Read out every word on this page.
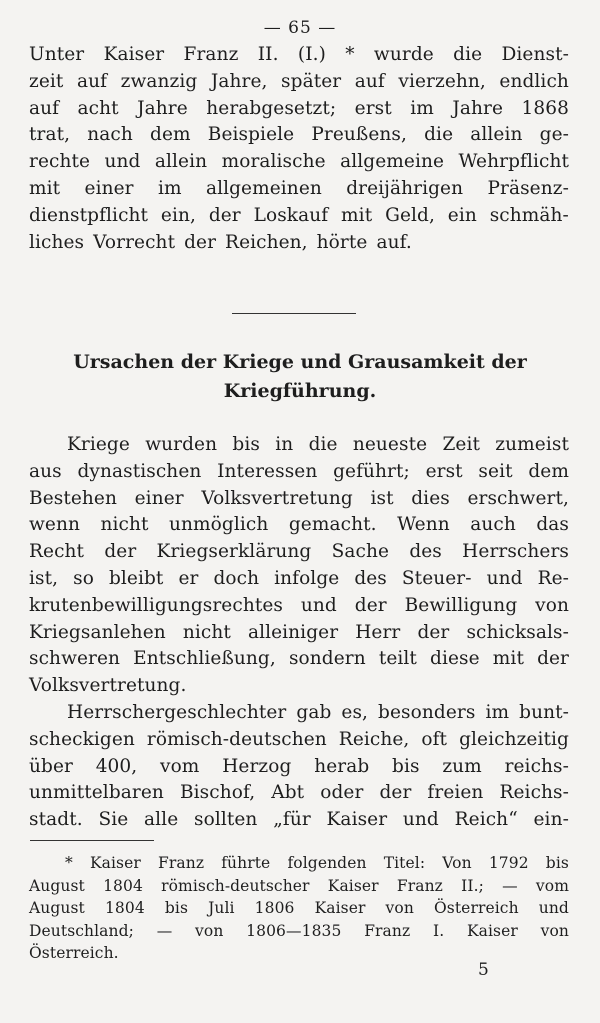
— 65 —
Unter Kaiser Franz II. (I.) * wurde die Dienst-
zeit auf zwanzig Jahre, später auf vierzehn, endlich
auf acht Jahre herabgesetzt; erst im Jahre 1868
trat, nach dem Beispiele Preußens, die allein ge-
rechte und allein moralische allgemeine Wehrpflicht
mit einer im allgemeinen dreijährigen Präsenz-
dienstpflicht ein, der Loskauf mit Geld, ein schmäh-
liches Vorrecht der Reichen, hörte auf.
Ursachen der Kriege und Grausamkeit der
Kriegführung.
Kriege wurden bis in die neueste Zeit zumeist
aus dynastischen Interessen geführt; erst seit dem
Bestehen einer Volksvertretung ist dies erschwert,
wenn nicht unmöglich gemacht. Wenn auch das
Recht der Kriegserklärung Sache des Herrschers
ist, so bleibt er doch infolge des Steuer- und Re-
krutenbewilligungsrechtes und der Bewilligung von
Kriegsanlehen nicht alleiniger Herr der schicksals-
schweren Entschließung, sondern teilt diese mit der
Volksvertretung.
Herrschergeschlechter gab es, besonders im bunt-
scheckigen römisch-deutschen Reiche, oft gleichzeitig
über 400, vom Herzog herab bis zum reichs-
unmittelbaren Bischof, Abt oder der freien Reichs-
stadt. Sie alle sollten „für Kaiser und Reich“ ein-
* Kaiser Franz führte folgenden Titel: Von 1792 bis
August 1804 römisch-deutscher Kaiser Franz II.; — vom
August 1804 bis Juli 1806 Kaiser von Österreich und
Deutschland; — von 1806—1835 Franz I. Kaiser von
Österreich.
5
